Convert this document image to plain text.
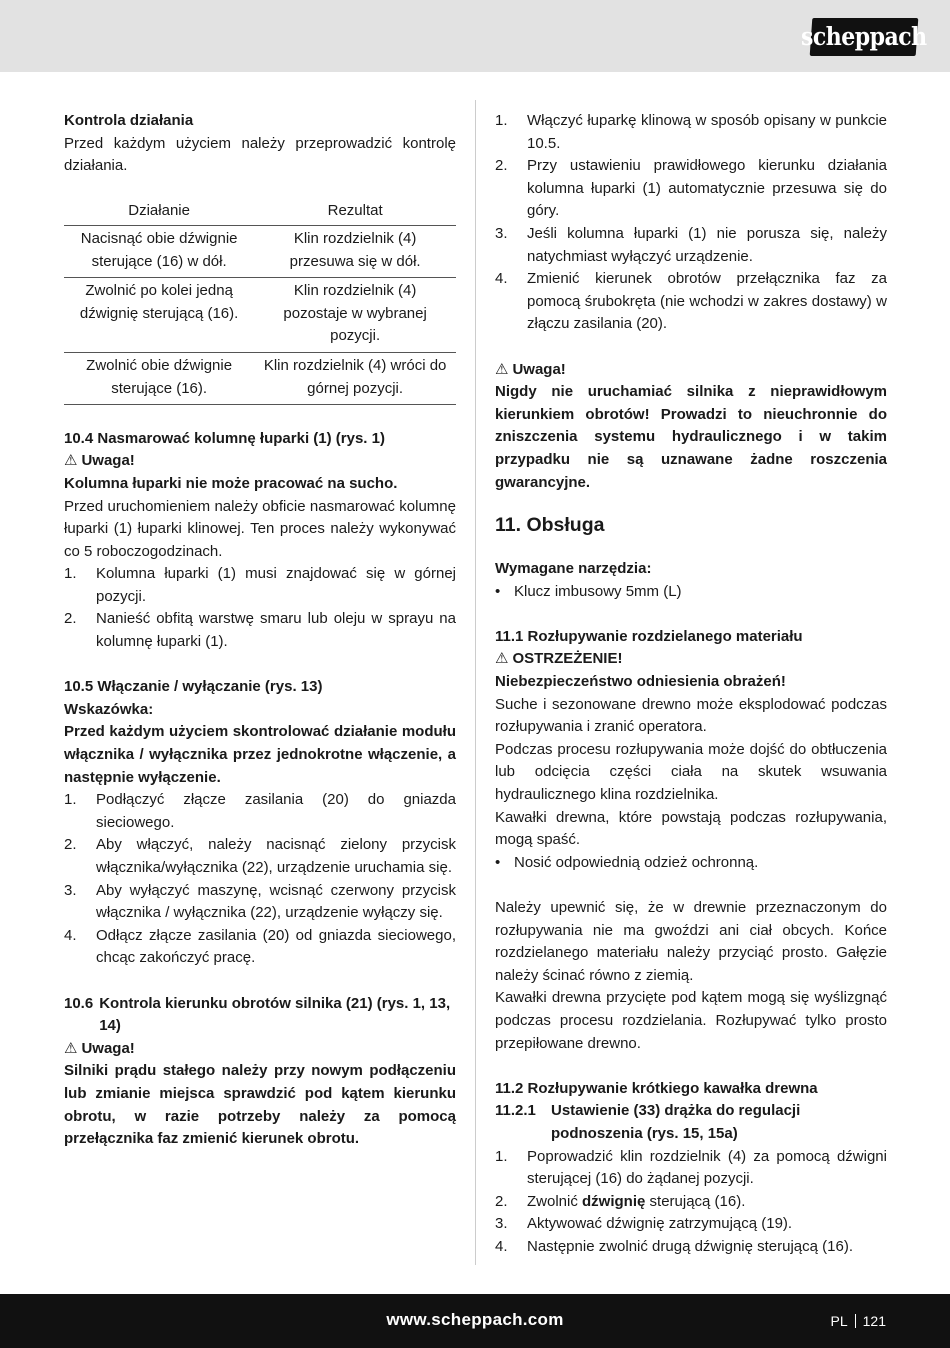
scheppach

Kontrola działania

Przed każdym użyciem należy przeprowadzić kontrolę działania.

Działanie	Rezultat
Nacisnąć obie dźwignie sterujące (16) w dół.	Klin rozdzielnik (4) przesuwa się w dół.
Zwolnić po kolei jedną dźwignię sterującą (16).	Klin rozdzielnik (4) pozostaje w wybranej pozycji.
Zwolnić obie dźwignie sterujące (16).	Klin rozdzielnik (4) wróci do górnej pozycji.

10.4 Nasmarować kolumnę łuparki (1) (rys. 1)

⚠ Uwaga!

Kolumna łuparki nie może pracować na sucho.

Przed uruchomieniem należy obficie nasmarować kolumnę łuparki (1) łuparki klinowej. Ten proces należy wykonywać co 5 roboczogodzinach.

1.	Kolumna łuparki (1) musi znajdować się w górnej pozycji.
2.	Nanieść obfitą warstwę smaru lub oleju w sprayu na kolumnę łuparki (1).

10.5 Włączanie / wyłączanie (rys. 13)

Wskazówka:

Przed każdym użyciem skontrolować działanie modułu włącznika / wyłącznika przez jednokrotne włączenie, a następnie wyłączenie.

1.	Podłączyć złącze zasilania (20) do gniazda sieciowego.
2.	Aby włączyć, należy nacisnąć zielony przycisk włącznika/wyłącznika (22), urządzenie uruchamia się.
3.	Aby wyłączyć maszynę, wcisnąć czerwony przycisk włącznika / wyłącznika (22), urządzenie wyłączy się.
4.	Odłącz złącze zasilania (20) od gniazda sieciowego, chcąc zakończyć pracę.
10.6 Kontrola kierunku obrotów silnika (21) (rys. 1, 13, 14)

⚠ Uwaga!

Silniki prądu stałego należy przy nowym podłączeniu lub zmianie miejsca sprawdzić pod kątem kierunku obrotu, w razie potrzeby należy za pomocą przełącznika faz zmienić kierunek obrotu.

1.	Włączyć łuparkę klinową w sposób opisany w punkcie 10.5.
2.	Przy ustawieniu prawidłowego kierunku działania kolumna łuparki (1) automatycznie przesuwa się do góry.
3.	Jeśli kolumna łuparki (1) nie porusza się, należy natychmiast wyłączyć urządzenie.
4.	Zmienić kierunek obrotów przełącznika faz za pomocą śrubokręta (nie wchodzi w zakres dostawy) w złączu zasilania (20).

⚠ Uwaga!

Nigdy nie uruchamiać silnika z nieprawidłowym kierunkiem obrotów! Prowadzi to nieuchronnie do zniszczenia systemu hydraulicznego i w takim przypadku nie są uznawane żadne roszczenia gwarancyjne.

11. Obsługa

Wymagane narzędzia:

• Klucz imbusowy 5mm (L)

11.1 Rozłupywanie rozdzielanego materiału

⚠ OSTRZEŻENIE!

Niebezpieczeństwo odniesienia obrażeń!

Suche i sezonowane drewno może eksplodować podczas rozłupywania i zranić operatora.

Podczas procesu rozłupywania może dojść do obtłuczenia lub odcięcia części ciała na skutek wsuwania hydraulicznego klina rozdzielnika.

Kawałki drewna, które powstają podczas rozłupywania, mogą spaść.

• Nosić odpowiednią odzież ochronną.

Należy upewnić się, że w drewnie przeznaczonym do rozłupywania nie ma gwoździ ani ciał obcych. Końce rozdzielanego materiału należy przyciąć prosto. Gałęzie należy ścinać równo z ziemią.

Kawałki drewna przycięte pod kątem mogą się wyślizgnąć podczas procesu rozdzielania. Rozłupywać tylko prosto przepiłowane drewno.

11.2 Rozłupywanie krótkiego kawałka drewna

11.2.1	Ustawienie (33) drążka do regulacji podnoszenia (rys. 15, 15a)
1.	Poprowadzić klin rozdzielnik (4) za pomocą dźwigni sterującej (16) do żądanej pozycji.
2.	Zwolnić dźwignię sterującą (16).
3.	Aktywować dźwignię zatrzymującą (19).
4.	Następnie zwolnić drugą dźwignię sterującą (16).
www.scheppach.com	PL 121
